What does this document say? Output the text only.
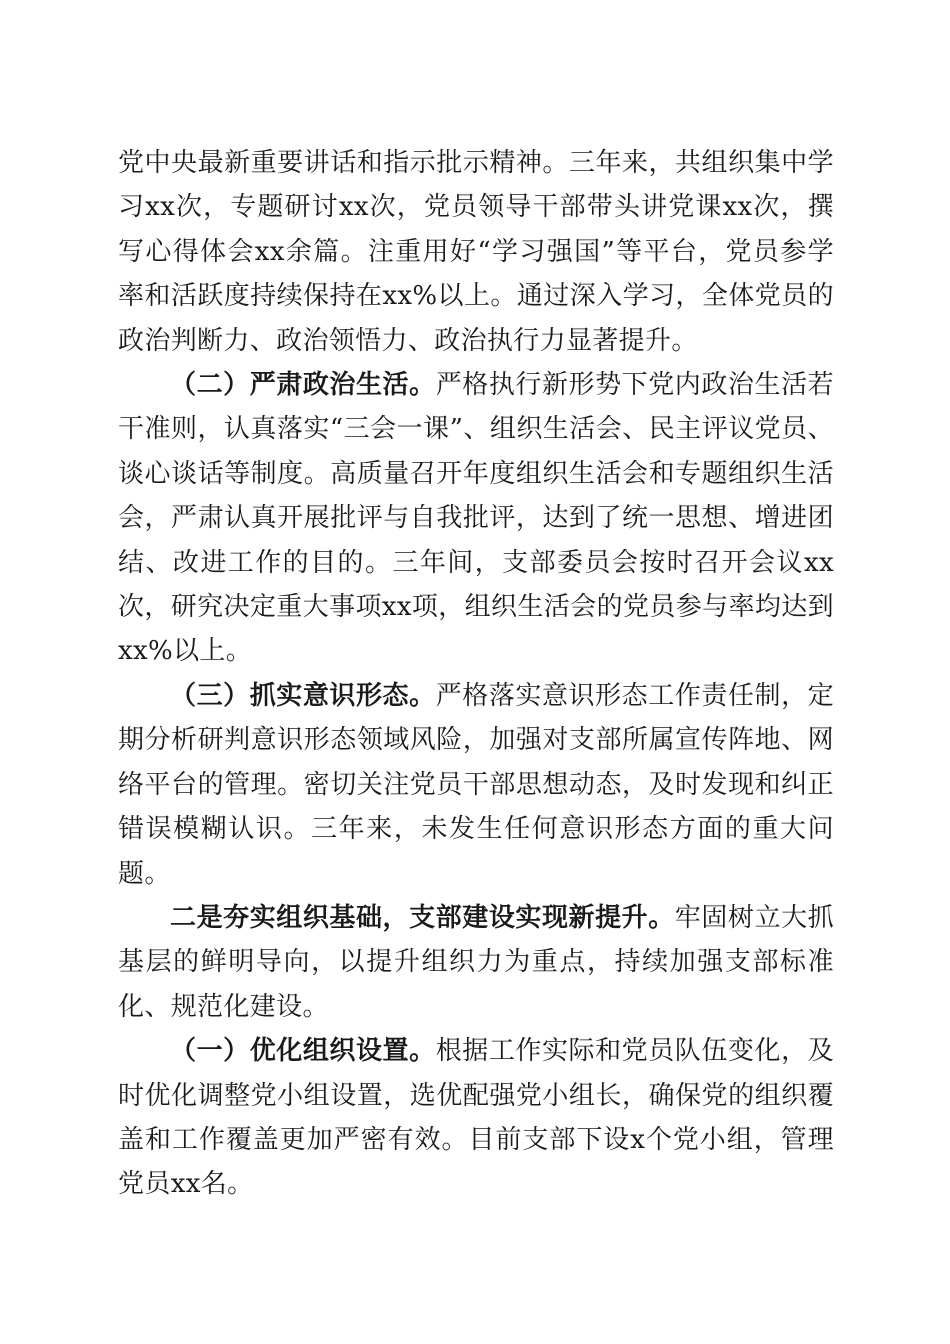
党中央最新重要讲话和指示批示精神。三年来，共组织集中学习xx次，专题研讨xx次，党员领导干部带头讲党课xx次，撰写心得体会xx余篇。注重用好“学习强国”等平台，党员参学率和活跃度持续保持在xx%以上。通过深入学习，全体党员的政治判断力、政治领悟力、政治执行力显著提升。

（二）严肃政治生活。严格执行新形势下党内政治生活若干准则，认真落实“三会一课”、组织生活会、民主评议党员、谈心谈话等制度。高质量召开年度组织生活会和专题组织生活会，严肃认真开展批评与自我批评，达到了统一思想、增进团结、改进工作的目的。三年间，支部委员会按时召开会议xx次，研究决定重大事项xx项，组织生活会的党员参与率均达到xx%以上。

（三）抓实意识形态。严格落实意识形态工作责任制，定期分析研判意识形态领域风险，加强对支部所属宣传阵地、网络平台的管理。密切关注党员干部思想动态，及时发现和纠正错误模糊认识。三年来，未发生任何意识形态方面的重大问题。

二是夯实组织基础，支部建设实现新提升。牢固树立大抓基层的鲜明导向，以提升组织力为重点，持续加强支部标准化、规范化建设。

（一）优化组织设置。根据工作实际和党员队伍变化，及时优化调整党小组设置，选优配强党小组长，确保党的组织覆盖和工作覆盖更加严密有效。目前支部下设x个党小组，管理党员xx名。
